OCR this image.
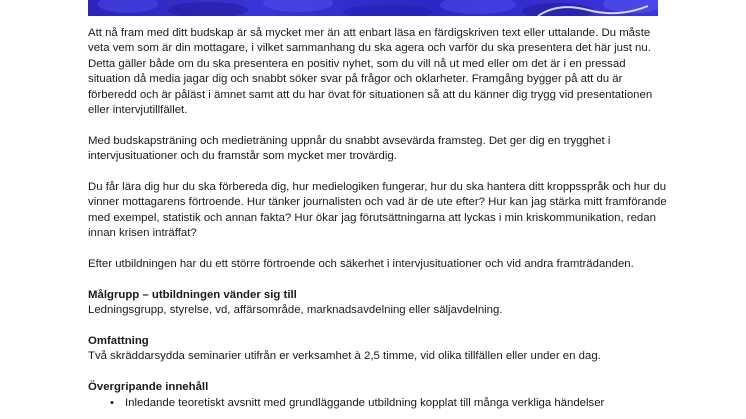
Att nå fram med ditt budskap är så mycket mer än att enbart läsa en färdigskriven text eller uttalande. Du måste veta vem som är din mottagare, i vilket sammanhang du ska agera och varför du ska presentera det här just nu. Detta gäller både om du ska presentera en positiv nyhet, som du vill nå ut med eller om det är i en pressad situation då media jagar dig och snabbt söker svar på frågor och oklarheter. Framgång bygger på att du är förberedd och är påläst i ämnet samt att du har övat för situationen så att du känner dig trygg vid presentationen eller intervjutillfället.

Med budskapsträning och medieträning uppnår du snabbt avsevärda framsteg. Det ger dig en trygghet i intervjusituationer och du framstår som mycket mer trovärdig.

Du får lära dig hur du ska förbereda dig, hur medielogiken fungerar, hur du ska hantera ditt kroppsspråk och hur du vinner mottagarens förtroende. Hur tänker journalisten och vad är de ute efter? Hur kan jag stärka mitt framförande med exempel, statistik och annan fakta? Hur ökar jag förutsättningarna att lyckas i min kriskommunikation, redan innan krisen inträffat?

Efter utbildningen har du ett större förtroende och säkerhet i intervjusituationer och vid andra framträdanden.

Målgrupp – utbildningen vänder sig till

Ledningsgrupp, styrelse, vd, affärsområde, marknadsavdelning eller säljavdelning.

Omfattning

Två skräddarsydda seminarier utifrån er verksamhet à 2,5 timme, vid olika tillfällen eller under en dag.

Övergripande innehåll
• Inledande teoretiskt avsnitt med grundläggande utbildning kopplat till många verkliga händelser
